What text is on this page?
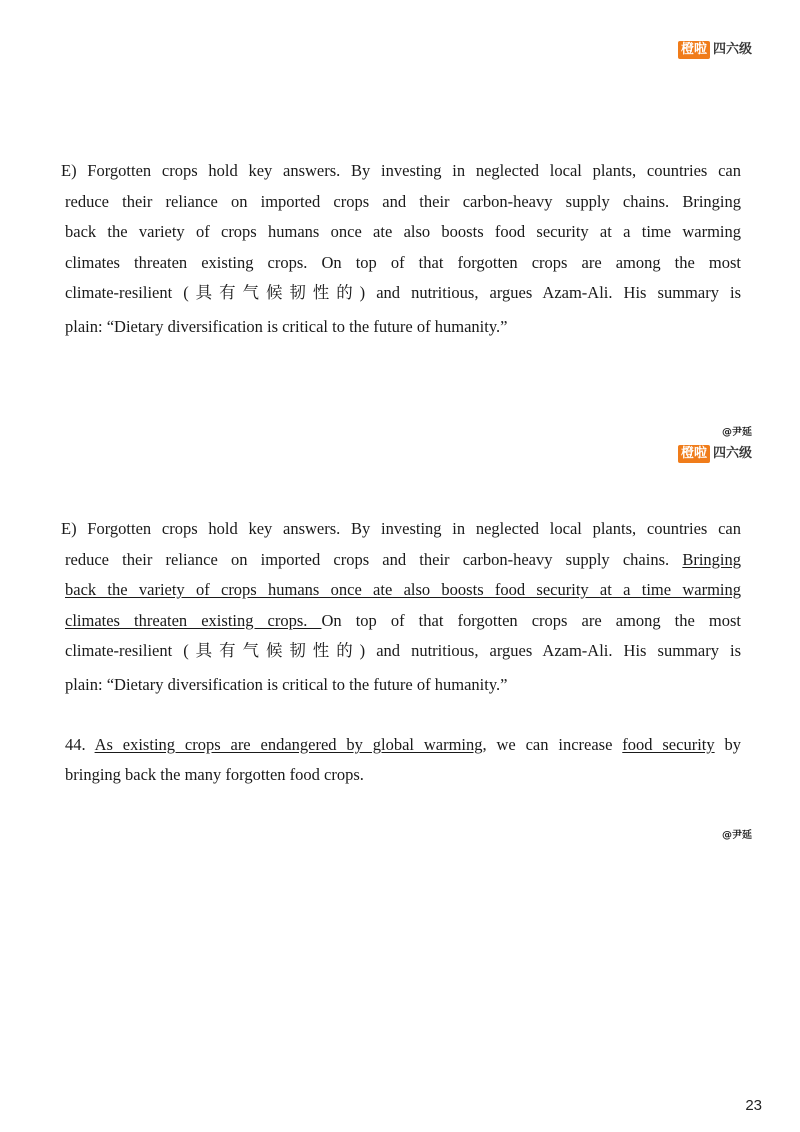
橙啦 四六级
E) Forgotten crops hold key answers. By investing in neglected local plants, countries can
reduce their reliance on imported crops and their carbon-heavy supply chains. Bringing
back the variety of crops humans once ate also boosts food security at a time warming
climates threaten existing crops. On top of that forgotten crops are among the most
climate-resilient (具有气候韧性的) and nutritious, argues Azam-Ali. His summary is
plain: “Dietary diversification is critical to the future of humanity.”
@尹延
橙啦 四六级
E) Forgotten crops hold key answers. By investing in neglected local plants, countries can
reduce their reliance on imported crops and their carbon-heavy supply chains. Bringing
back the variety of crops humans once ate also boosts food security at a time warming
climates threaten existing crops. On top of that forgotten crops are among the most
climate-resilient (具有气候韧性的) and nutritious, argues Azam-Ali. His summary is
plain: “Dietary diversification is critical to the future of humanity.”
44. As existing crops are endangered by global warming, we can increase food security by
bringing back the many forgotten food crops.
@尹延
23
